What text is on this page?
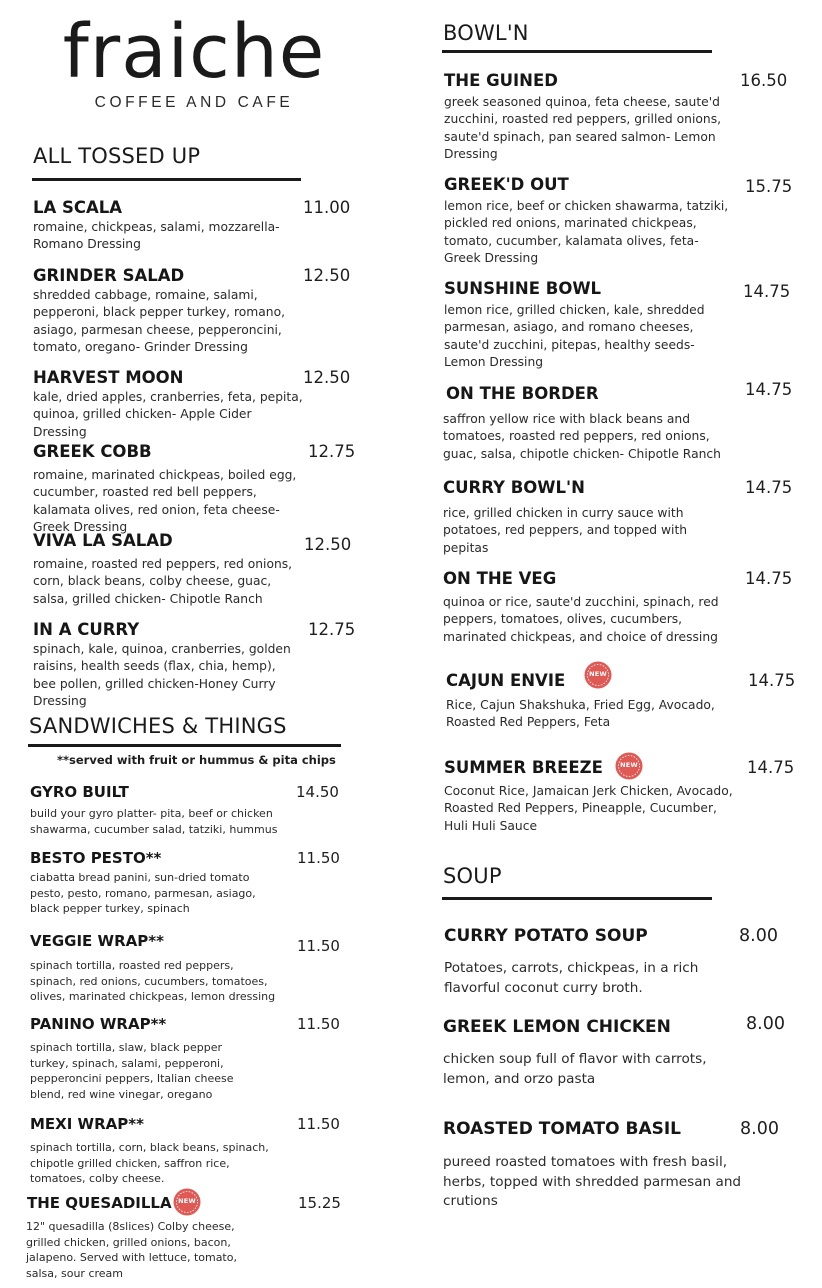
fraiche
COFFEE AND CAFE
ALL TOSSED UP
LA SCALA	11.00
romaine, chickpeas, salami, mozzarella- Romano Dressing
GRINDER SALAD	12.50
shredded cabbage, romaine, salami, pepperoni, black pepper turkey, romano, asiago, parmesan cheese, pepperoncini, tomato, oregano- Grinder Dressing
HARVEST MOON	12.50
kale, dried apples, cranberries, feta, pepita, quinoa, grilled chicken- Apple Cider Dressing
GREEK COBB	12.75
romaine, marinated chickpeas, boiled egg, cucumber, roasted red bell peppers, kalamata olives, red onion, feta cheese- Greek Dressing
VIVA LA SALAD	12.50
romaine, roasted red peppers, red onions, corn, black beans, colby cheese, guac, salsa, grilled chicken- Chipotle Ranch
IN A CURRY	12.75
spinach, kale, quinoa, cranberries, golden raisins, health seeds (flax, chia, hemp), bee pollen, grilled chicken-Honey Curry Dressing
SANDWICHES & THINGS
**served with fruit or hummus & pita chips
GYRO BUILT	14.50
build your gyro platter- pita, beef or chicken shawarma, cucumber salad, tatziki, hummus
BESTO PESTO**	11.50
ciabatta bread panini, sun-dried tomato pesto, pesto, romano, parmesan, asiago, black pepper turkey, spinach
VEGGIE WRAP**	11.50
spinach tortilla, roasted red peppers, spinach, red onions, cucumbers, tomatoes, olives, marinated chickpeas, lemon dressing
PANINO WRAP**	11.50
spinach tortilla, slaw, black pepper turkey, spinach, salami, pepperoni, pepperoncini peppers, Italian cheese blend, red wine vinegar, oregano
MEXI WRAP**	11.50
spinach tortilla, corn, black beans, spinach, chipotle grilled chicken, saffron rice, tomatoes, colby cheese.
THE QUESADILLA	NEW	15.25
12" quesadilla (8slices) Colby cheese, grilled chicken, grilled onions, bacon, jalapeno. Served with lettuce, tomato, salsa, sour cream
BOWL'N
THE GUINED	16.50
greek seasoned quinoa, feta cheese, saute'd zucchini, roasted red peppers, grilled onions, saute'd spinach, pan seared salmon- Lemon Dressing
GREEK'D OUT	15.75
lemon rice, beef or chicken shawarma, tatziki, pickled red onions, marinated chickpeas, tomato, cucumber, kalamata olives, feta- Greek Dressing
SUNSHINE BOWL	14.75
lemon rice, grilled chicken, kale, shredded parmesan, asiago, and romano cheeses, saute'd zucchini, pitepas, healthy seeds- Lemon Dressing
ON THE BORDER	14.75
saffron yellow rice with black beans and tomatoes, roasted red peppers, red onions, guac, salsa, chipotle chicken- Chipotle Ranch
CURRY BOWL'N	14.75
rice, grilled chicken in curry sauce with potatoes, red peppers, and topped with pepitas
ON THE VEG	14.75
quinoa or rice, saute'd zucchini, spinach, red peppers, tomatoes, olives, cucumbers, marinated chickpeas, and choice of dressing
CAJUN ENVIE	NEW	14.75
Rice, Cajun Shakshuka, Fried Egg, Avocado, Roasted Red Peppers, Feta
SUMMER BREEZE	NEW	14.75
Coconut Rice, Jamaican Jerk Chicken, Avocado, Roasted Red Peppers, Pineapple, Cucumber, Huli Huli Sauce
SOUP
CURRY POTATO SOUP	8.00
Potatoes, carrots, chickpeas, in a rich flavorful coconut curry broth.
GREEK LEMON CHICKEN	8.00
chicken soup full of flavor with carrots, lemon, and orzo pasta
ROASTED TOMATO BASIL	8.00
pureed roasted tomatoes with fresh basil, herbs, topped with shredded parmesan and crutions
